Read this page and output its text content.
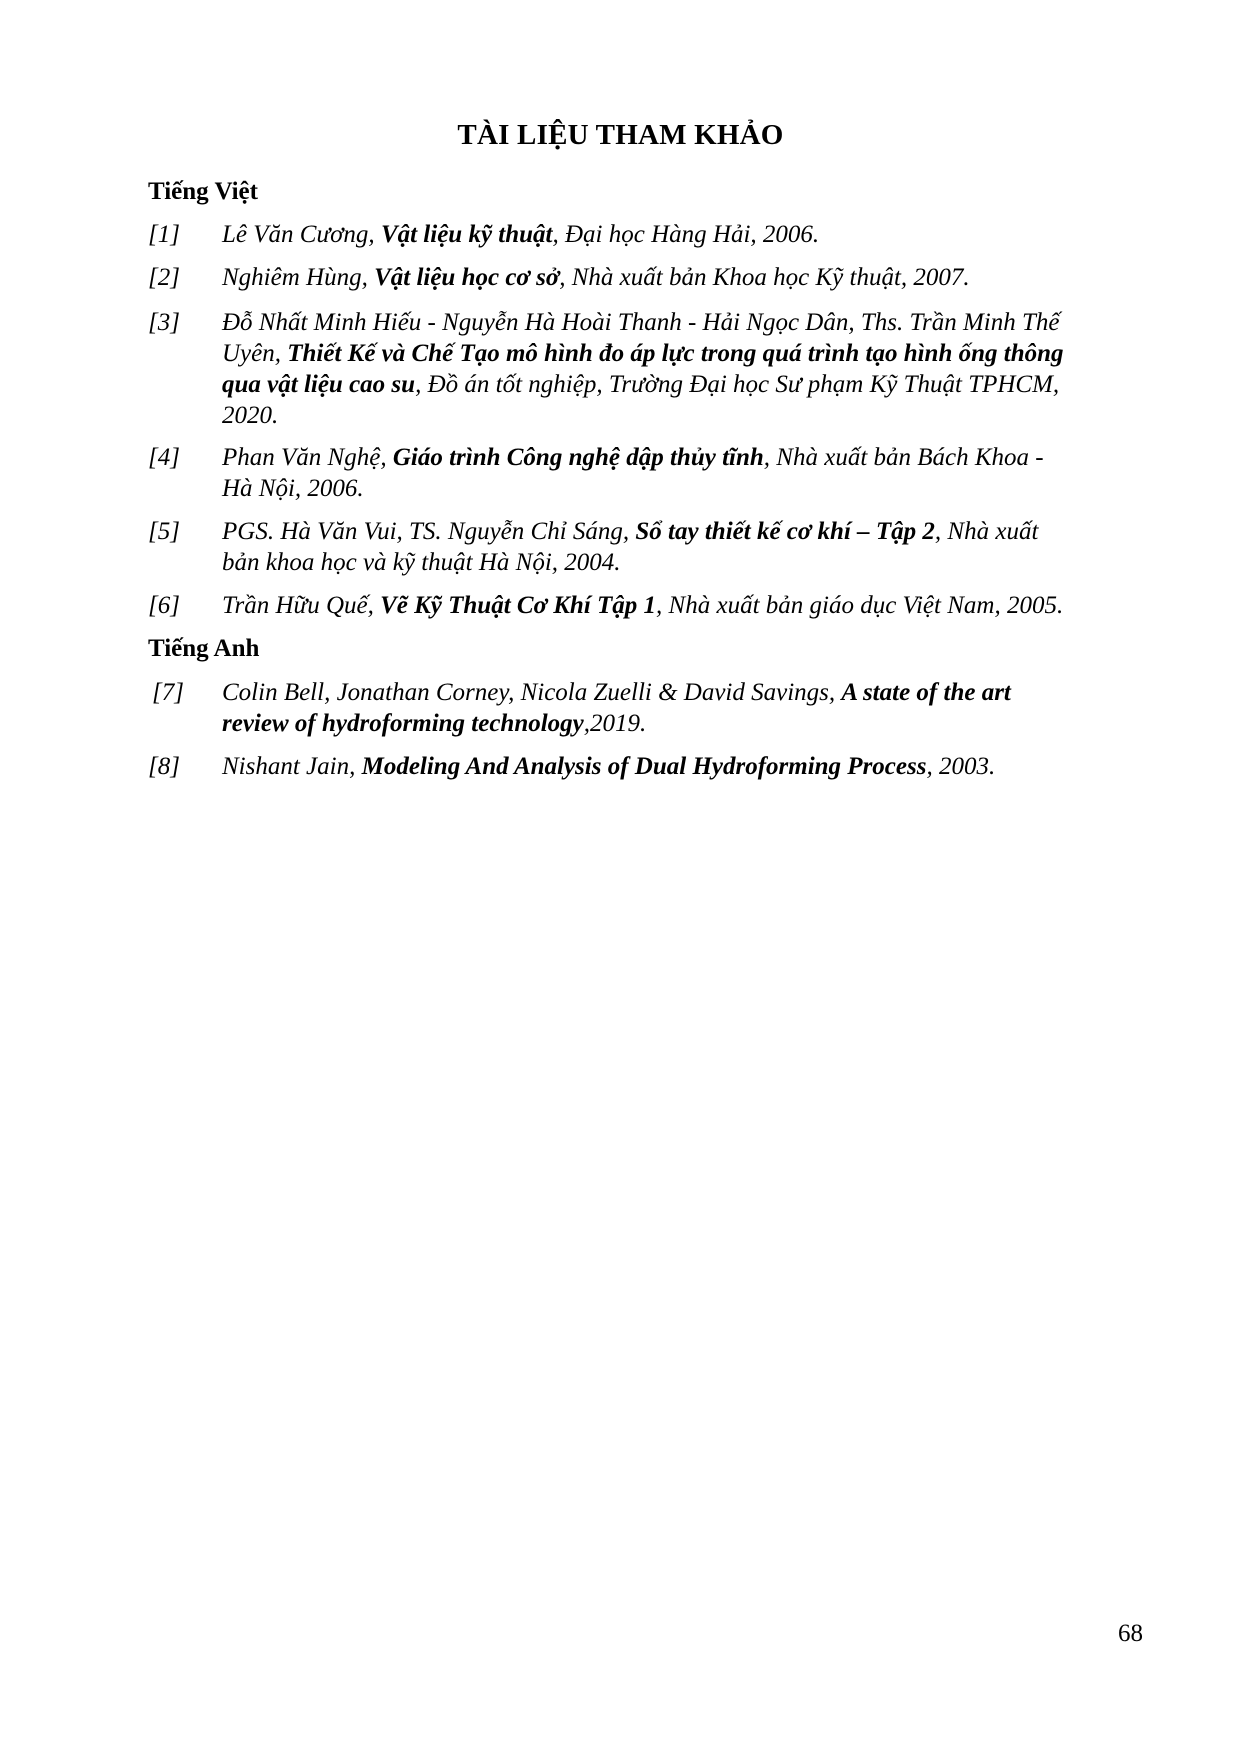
TÀI LIỆU THAM KHẢO
Tiếng Việt
[1]	Lê Văn Cương, Vật liệu kỹ thuật, Đại học Hàng Hải, 2006.
[2]	Nghiêm Hùng, Vật liệu học cơ sở, Nhà xuất bản Khoa học Kỹ thuật, 2007.
[3]	Đỗ Nhất Minh Hiếu - Nguyễn Hà Hoài Thanh - Hải Ngọc Dân, Ths. Trần Minh Thế
Uyên, Thiết Kế và Chế Tạo mô hình đo áp lực trong quá trình tạo hình ống thông
qua vật liệu cao su, Đồ án tốt nghiệp, Trường Đại học Sư phạm Kỹ Thuật TPHCM,
2020.
[4]	Phan Văn Nghệ, Giáo trình Công nghệ dập thủy tĩnh, Nhà xuất bản Bách Khoa -
Hà Nội, 2006.
[5]	PGS. Hà Văn Vui, TS. Nguyễn Chỉ Sáng, Sổ tay thiết kế cơ khí – Tập 2, Nhà xuất
bản khoa học và kỹ thuật Hà Nội, 2004.
[6]	Trần Hữu Quế, Vẽ Kỹ Thuật Cơ Khí Tập 1, Nhà xuất bản giáo dục Việt Nam, 2005.
Tiếng Anh
[7]	Colin Bell, Jonathan Corney, Nicola Zuelli & David Savings, A state of the art
review of hydroforming technology,2019.
[8]	Nishant Jain, Modeling And Analysis of Dual Hydroforming Process, 2003.
68
